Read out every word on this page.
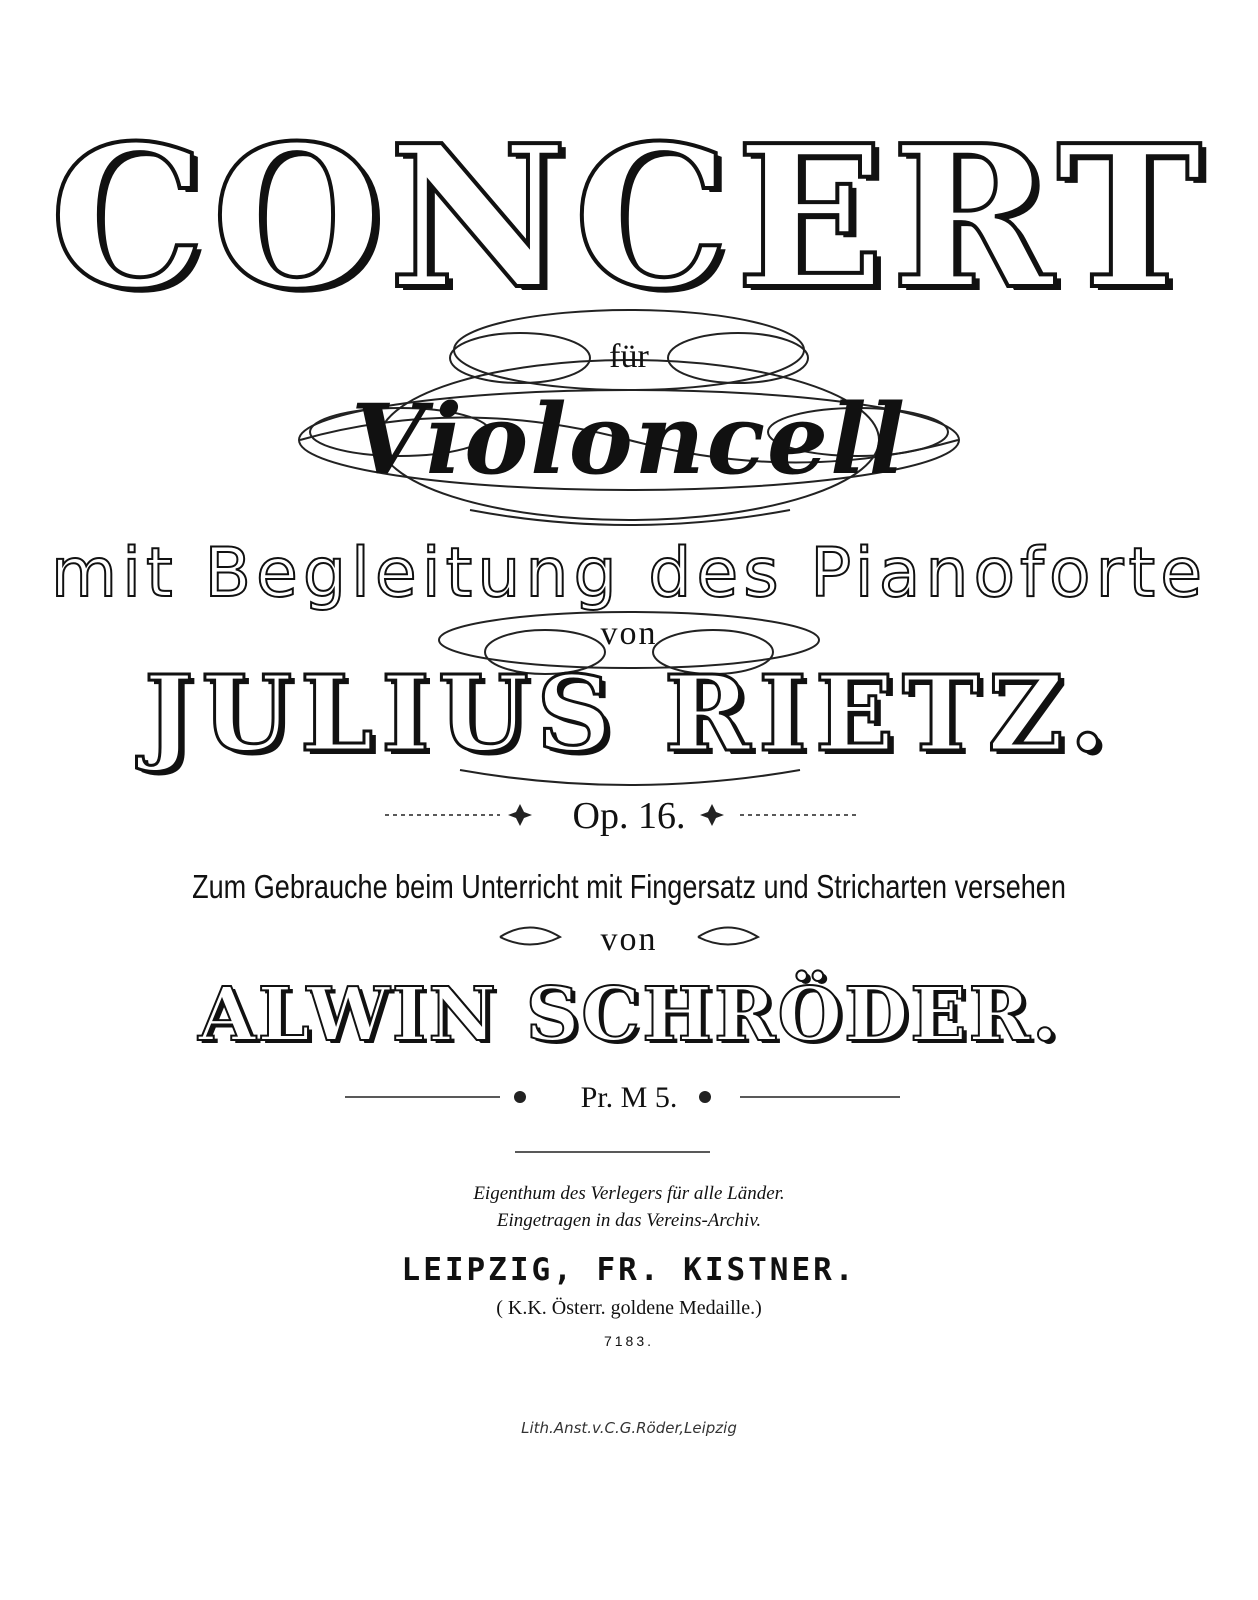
CONCERT
für
Violoncell
mit Begleitung des Pianoforte
von
JULIUS RIETZ.
Op. 16.
Zum Gebrauche beim Unterricht mit Fingersatz und Stricharten versehen
von
ALWIN SCHRÖDER.
Pr. M 5.
Eigenthum des Verlegers für alle Länder.
Eingetragen in das Vereins-Archiv.
LEIPZIG, FR. KISTNER.
( K.K. Österr. goldene Medaille.)
7183.
Lith.Anst.v.C.G.Röder,Leipzig
